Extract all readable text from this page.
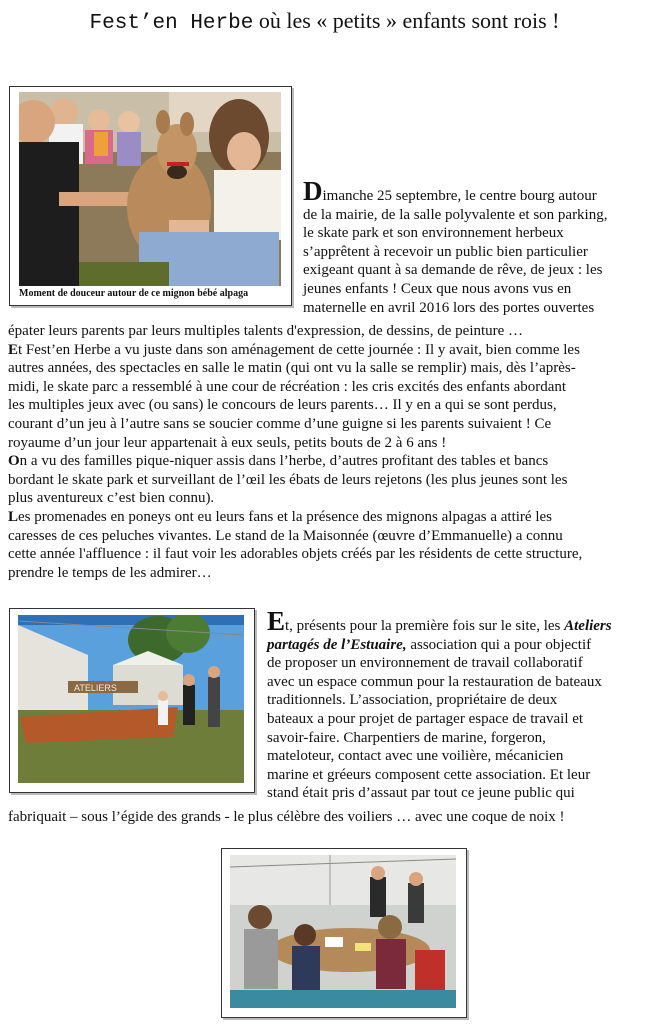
Fest’en Herbe où les « petits » enfants sont rois !
Moment de douceur autour de ce mignon bébé alpaga
Dimanche 25 septembre, le centre bourg autour
de la mairie, de la salle polyvalente et son parking,
le skate park et son environnement herbeux
s’apprêtent à recevoir un public bien particulier
exigeant quant à sa demande de rêve, de jeux : les
jeunes enfants ! Ceux que nous avons vus en
maternelle en avril 2016 lors des portes ouvertes
épater leurs parents par leurs multiples talents d'expression, de dessins, de peinture …
Et Fest’en Herbe a vu juste dans son aménagement de cette journée : Il y avait, bien comme les
autres années, des spectacles en salle le matin (qui ont vu la salle se remplir) mais, dès l’après-
midi, le skate parc a ressemblé à une cour de récréation : les cris excités des enfants abordant
les multiples jeux avec (ou sans) le concours de leurs parents… Il y en a qui se sont perdus,
courant d’un jeu à l’autre sans se soucier comme d’une guigne si les parents suivaient ! Ce
royaume d’un jour leur appartenait à eux seuls, petits bouts de 2 à 6 ans !
On a vu des familles pique-niquer assis dans l’herbe, d’autres profitant des tables et bancs
bordant le skate park et surveillant de l’œil les ébats de leurs rejetons (les plus jeunes sont les
plus aventureux c’est bien connu).
Les promenades en poneys ont eu leurs fans et la présence des mignons alpagas a attiré les
caresses de ces peluches vivantes. Le stand de la Maisonnée (œuvre d’Emmanuelle) a connu
cette année l'affluence : il faut voir les adorables objets créés par les résidents de cette structure,
prendre le temps de les admirer…
ATELIERS
Et, présents pour la première fois sur le site, les Ateliers
partagés de l’Estuaire, association qui a pour objectif
de proposer un environnement de travail collaboratif
avec un espace commun pour la restauration de bateaux
traditionnels. L’association, propriétaire de deux
bateaux a pour projet de partager espace de travail et
savoir-faire. Charpentiers de marine, forgeron,
mateloteur, contact avec une voilière, mécanicien
marine et gréeurs composent cette association. Et leur
stand était pris d’assaut par tout ce jeune public qui
fabriquait – sous l’égide des grands - le plus célèbre des voiliers … avec une coque de noix !
